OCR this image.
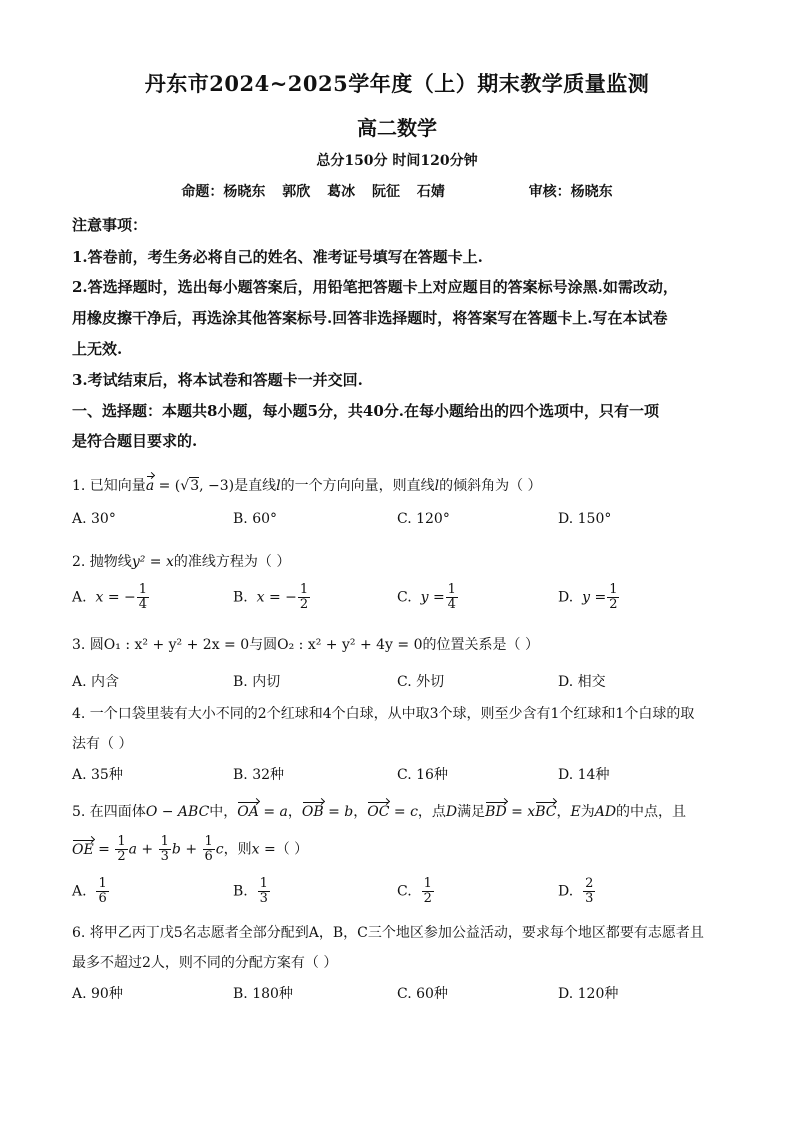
丹东市2024~2025学年度（上）期末教学质量监测
高二数学
总分150分 时间120分钟
命题：杨晓东 郭欣 葛冰 阮征 石婧	审核：杨晓东
注意事项：
1.答卷前，考生务必将自己的姓名、准考证号填写在答题卡上.
2.答选择题时，选出每小题答案后，用铅笔把答题卡上对应题目的答案标号涂黑.如需改动，
用橡皮擦干净后，再选涂其他答案标号.回答非选择题时，将答案写在答题卡上.写在本试卷
上无效.
3.考试结束后，将本试卷和答题卡一并交回.
一、选择题：本题共8小题，每小题5分，共40分.在每小题给出的四个选项中，只有一项
是符合题目要求的.
1. 已知向量a = (√3, −3)是直线l的一个方向向量，则直线l的倾斜角为（ ）
A. 30°	B. 60°	C. 120°	D. 150°
2. 抛物线y² = x的准线方程为（ ）
A. x = − $\frac{1}{4}$	B. x = − $\frac{1}{2}$	C. $y = \frac{1}{4}$	D. $y = \frac{1}{2}$
3. 圆O₁ : x² + y² + 2x = 0与圆O₂ : x² + y² + 4y = 0的位置关系是（ ）
A. 内含	B. 内切	C. 外切	D. 相交
4. 一个口袋里装有大小不同的2个红球和4个白球，从中取3个球，则至少含有1个红球和1个白球的取
法有（ ）
A. 35种	B. 32种	C. 16种	D. 14种
5. 在四面体O − ABC中，OA = a，OB = b，OC = c，点D满足BD = xBC，E为AD的中点，且
OE = $\frac{1}{2}$ $a + \frac{1}{3}$ $b + \frac{1}{6}$ c，则x =（ ）
A. $\frac{1}{6}$	B. $\frac{1}{3}$	C. $\frac{1}{2}$	D. $\frac{2}{3}$
6. 将甲乙丙丁戊5名志愿者全部分配到A，B，C三个地区参加公益活动，要求每个地区都要有志愿者且
最多不超过2人，则不同的分配方案有（ ）
A. 90种	B. 180种	C. 60种	D. 120种
